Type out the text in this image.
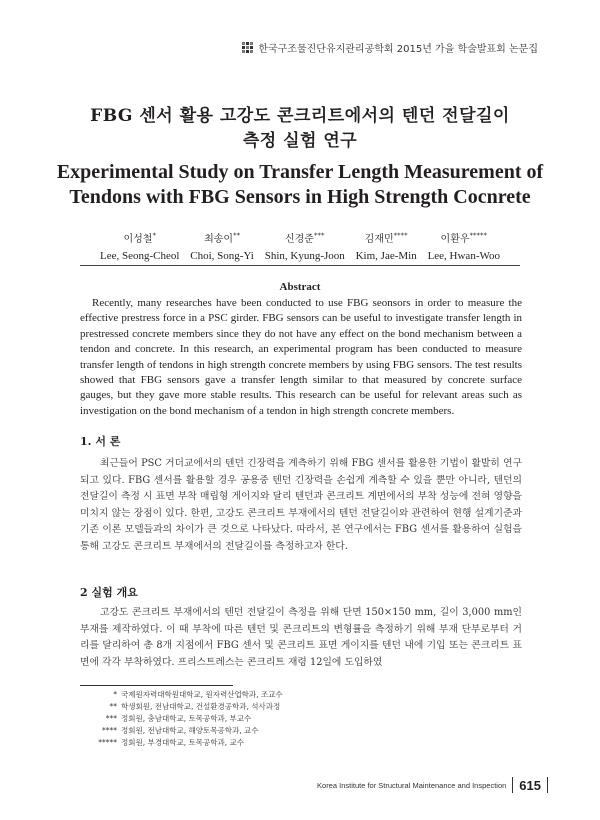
한국구조물진단유지관리공학회 2015년 가을 학술발표회 논문집
FBG 센서 활용 고강도 콘크리트에서의 텐던 전달길이
측정 실험 연구
Experimental Study on Transfer Length Measurement of
Tendons with FBG Sensors in High Strength Cocnrete
이성철*
Lee, Seong-Cheol
최송이**
Choi, Song-Yi
신경준***
Shin, Kyung-Joon
김재민****
Kim, Jae-Min
이환우*****
Lee, Hwan-Woo
Abstract

Recently, many researches have been conducted to use FBG seonsors in order to measure the effective prestress force in a PSC girder. FBG sensors can be useful to investigate transfer length in prestressed concrete members since they do not have any effect on the bond mechanism between a tendon and concrete. In this research, an experimental program has been conducted to measure transfer length of tendons in high strength concrete members by using FBG sensors. The test results showed that FBG sensors gave a transfer length similar to that measured by concrete surface gauges, but they gave more stable results. This research can be useful for relevant areas such as investigation on the bond mechanism of a tendon in high strength concrete members.

1. 서 론

최근들어 PSC 거더교에서의 텐던 긴장력을 계측하기 위해 FBG 센서를 활용한 기법이 활발히 연구되고 있다. FBG 센서를 활용할 경우 공용중 텐던 긴장력을 손쉽게 계측할 수 있을 뿐만 아니라, 텐던의 전달길이 측정 시 표면 부착 매립형 게이지와 달리 텐던과 콘크리트 계면에서의 부착 성능에 전혀 영향을 미치지 않는 장점이 있다. 한편, 고강도 콘크리트 부재에서의 텐던 전달길이와 관련하여 현행 설계기준과 기존 이론 모델들과의 차이가 큰 것으로 나타났다. 따라서, 본 연구에서는 FBG 센서를 활용하여 실험을 통해 고강도 콘크리트 부재에서의 전달길이를 측정하고자 한다.

2 실험 개요

고강도 콘크리트 부재에서의 텐던 전달길이 측정을 위해 단면 150×150 mm, 길이 3,000 mm인 부재를 제작하였다. 이 때 부착에 따른 텐던 및 콘크리트의 변형률을 측정하기 위해 부재 단부로부터 거리를 달리하여 총 8개 지점에서 FBG 센서 및 콘크리트 표면 게이지를 텐던 내에 기입 또는 콘크리트 표면에 각각 부착하였다. 프리스트레스는 콘크리트 재령 12일에 도입하였

* 국제원자력대학원대학교, 원자력산업학과, 조교수
** 학생회원, 전남대학교, 건설환경공학과, 석사과정
*** 정회원, 충남대학교, 토목공학과, 부교수
**** 정회원, 전남대학교, 해양토목공학과, 교수
***** 정회원, 부경대학교, 토목공학과, 교수
Korea Institute for Structural Maintenance and Inspection 615
